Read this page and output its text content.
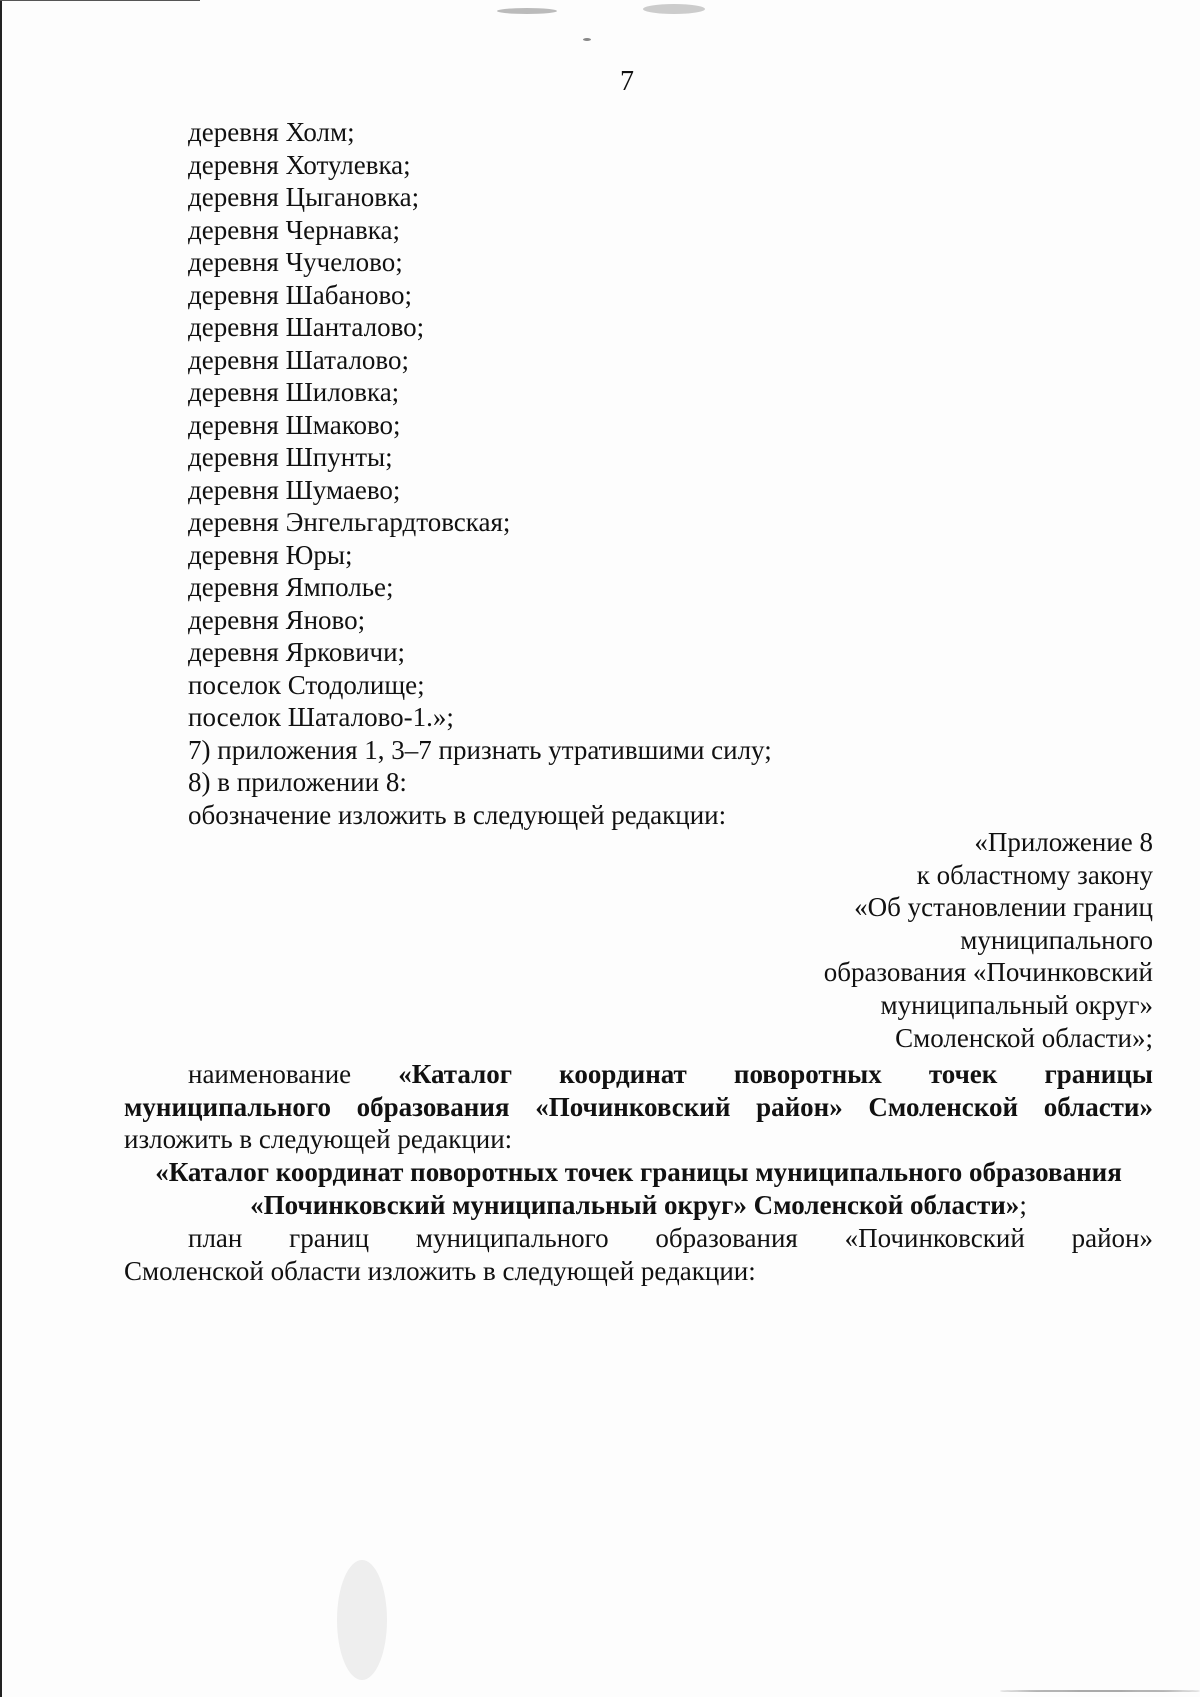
7
деревня Холм;
деревня Хотулевка;
деревня Цыгановка;
деревня Чернавка;
деревня Чучелово;
деревня Шабаново;
деревня Шанталово;
деревня Шаталово;
деревня Шиловка;
деревня Шмаково;
деревня Шпунты;
деревня Шумаево;
деревня Энгельгардтовская;
деревня Юры;
деревня Ямполье;
деревня Яново;
деревня Ярковичи;
поселок Стодолище;
поселок Шаталово-1.»;
7) приложения 1, 3–7 признать утратившими силу;
8) в приложении 8:
обозначение изложить в следующей редакции:
«Приложение 8
к областному закону
«Об установлении границ
муниципального
образования «Починковский
муниципальный округ»
Смоленской области»;
наименование «Каталог координат поворотных точек границы
муниципального образования «Починковский район» Смоленской области»
изложить в следующей редакции:
«Каталог координат поворотных точек границы муниципального образования
«Починковский муниципальный округ» Смоленской области»;
план границ муниципального образования «Починковский район»
Смоленской области изложить в следующей редакции:
